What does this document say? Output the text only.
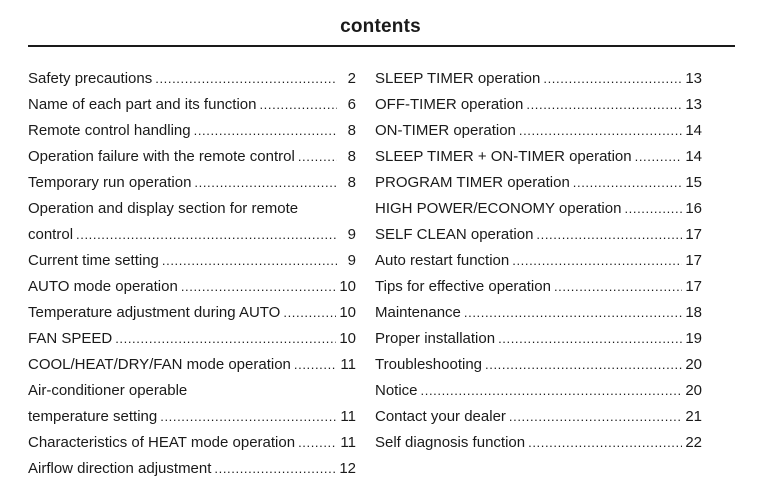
contents
Safety precautions .....	2
Name of each part and its function .....	6
Remote control handling .....	8
Operation failure with the remote control .....	8
Temporary run operation .....	8
Operation and display section for remote
control .....	9
Current time setting .....	9
AUTO mode operation .....	10
Temperature adjustment during AUTO .....	10
FAN SPEED .....	10
COOL/HEAT/DRY/FAN mode operation .....	11
Air-conditioner operable
temperature setting .....	11
Characteristics of HEAT mode operation .....	11
Airflow direction adjustment .....	12
SLEEP TIMER operation .....	13
OFF-TIMER operation .....	13
ON-TIMER operation .....	14
SLEEP TIMER + ON-TIMER operation .....	14
PROGRAM TIMER operation .....	15
HIGH POWER/ECONOMY operation .....	16
SELF CLEAN operation .....	17
Auto restart function .....	17
Tips for effective operation .....	17
Maintenance .....	18
Proper installation .....	19
Troubleshooting .....	20
Notice .....	20
Contact your dealer .....	21
Self diagnosis function .....	22
